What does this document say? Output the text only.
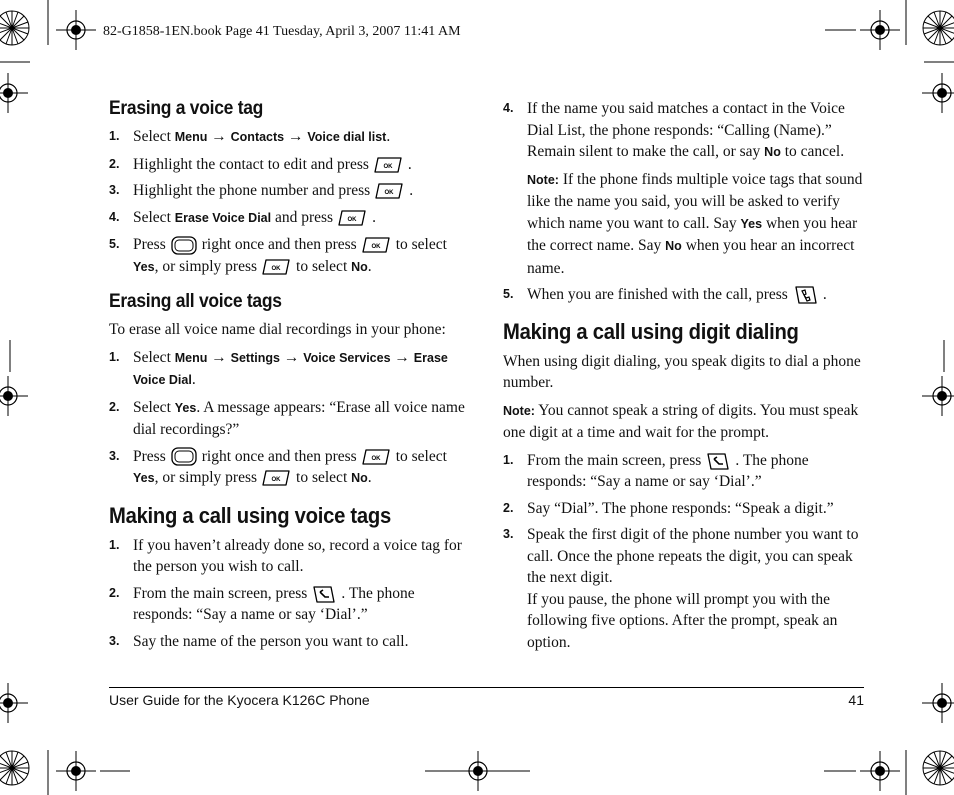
82-G1858-1EN.book Page 41 Tuesday, April 3, 2007 11:41 AM
Erasing a voice tag
1. Select Menu → Contacts → Voice dial list.
2. Highlight the contact to edit and press	.
3. Highlight the phone number and press	.
4. Select Erase Voice Dial and press	.
5. Press right once and then press	to select Yes, or simply press	to select No.
Erasing all voice tags
To erase all voice name dial recordings in your phone:
1. Select Menu → Settings → Voice Services → Erase Voice Dial.
2. Select Yes. A message appears: “Erase all voice name dial recordings?”
3. Press right once and then press	to select Yes, or simply press	to select No.
Making a call using voice tags
1. If you haven’t already done so, record a voice tag for the person you wish to call.
2. From the main screen, press . The phone responds: “Say a name or say ‘Dial’.”
3. Say the name of the person you want to call.
4. If the name you said matches a contact in the Voice Dial List, the phone responds: “Calling (Name).” Remain silent to make the call, or say No to cancel.
Note: If the phone finds multiple voice tags that sound like the name you said, you will be asked to verify which name you want to call. Say Yes when you hear the correct name. Say No when you hear an incorrect name.
5. When you are finished with the call, press .
Making a call using digit dialing
When using digit dialing, you speak digits to dial a phone number.
Note: You cannot speak a string of digits. You must speak one digit at a time and wait for the prompt.
1. From the main screen, press . The phone responds: “Say a name or say ‘Dial’.”
2. Say “Dial”. The phone responds: “Speak a digit.”
3. Speak the first digit of the phone number you want to call. Once the phone repeats the digit, you can speak the next digit.
If you pause, the phone will prompt you with the following five options. After the prompt, speak an option.
User Guide for the Kyocera K126C Phone	41
